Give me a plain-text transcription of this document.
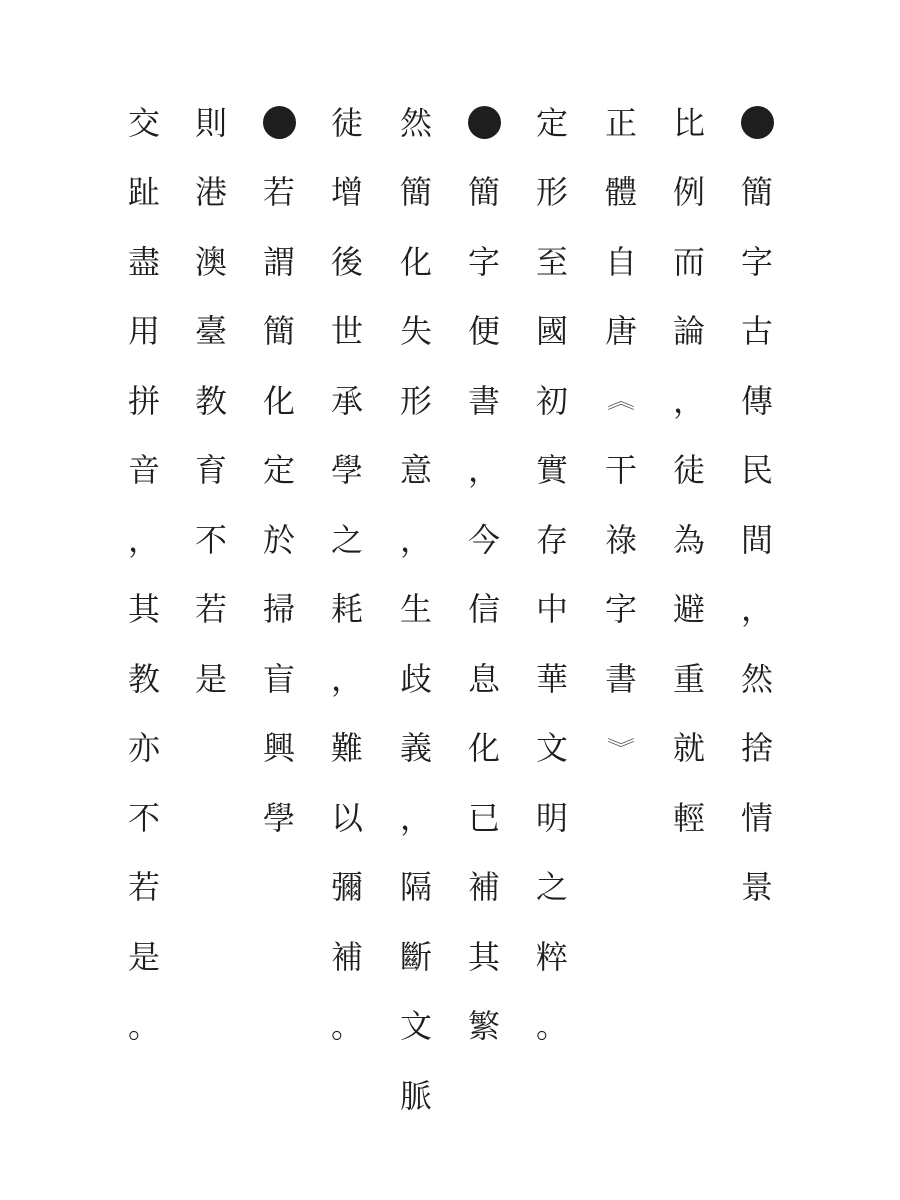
簡
字
古
傳
民
間
，
然
捨
情
景
比
例
而
論
，
徒
為
避
重
就
輕
正
體
自
唐
︽
干
祿
字
書
︾
定
形
至
國
初
實
存
中
華
文
明
之
粹
。
簡
字
便
書
，
今
信
息
化
已
補
其
繁
然
簡
化
失
形
意
，
生
歧
義
，
隔
斷
文
脈
徒
增
後
世
承
學
之
耗
，
難
以
彌
補
。
若
謂
簡
化
定
於
掃
盲
興
學
則
港
澳
臺
教
育
不
若
是
交
趾
盡
用
拼
音
，
其
教
亦
不
若
是
。
